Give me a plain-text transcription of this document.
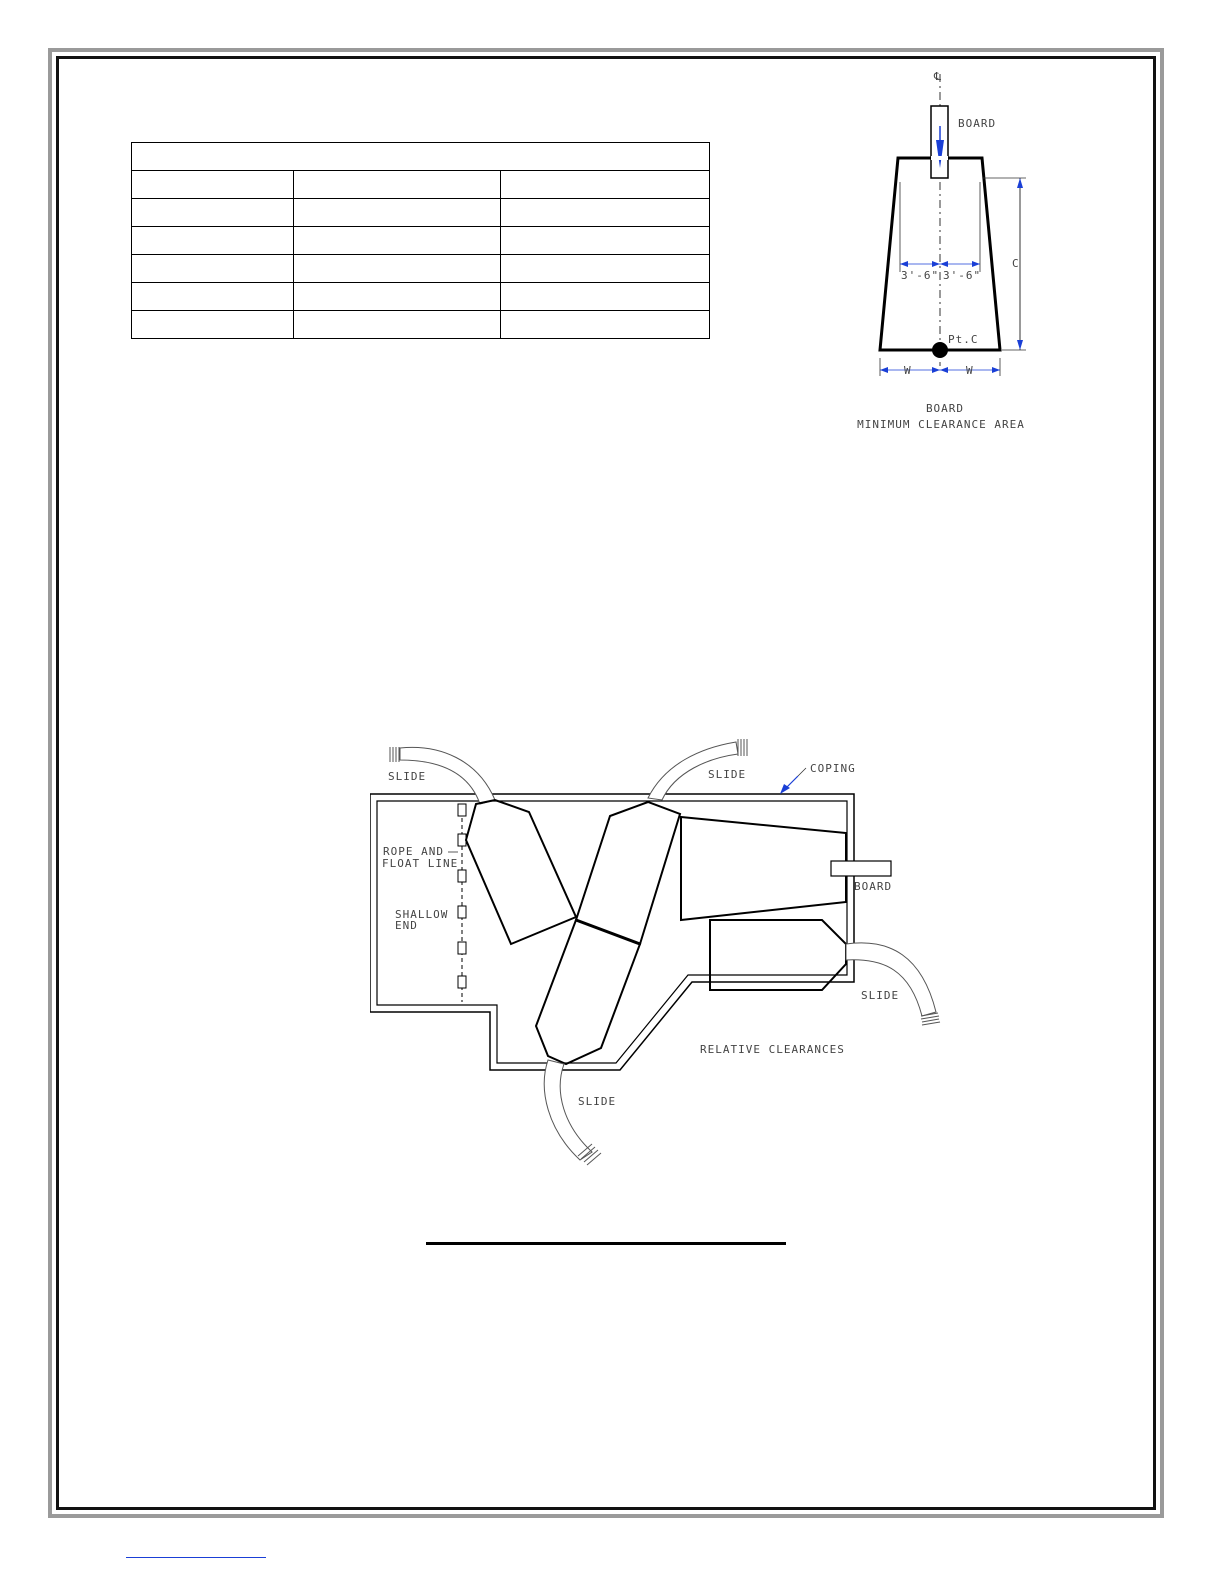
℄
BOARD
C
3'-6" 3'-6"
Pt.C
W	W
BOARD
MINIMUM CLEARANCE AREA
SLIDE	SLIDE	COPING
ROPE AND
FLOAT LINE
SHALLOW
END
BOARD
SLIDE
SLIDE
RELATIVE CLEARANCES
